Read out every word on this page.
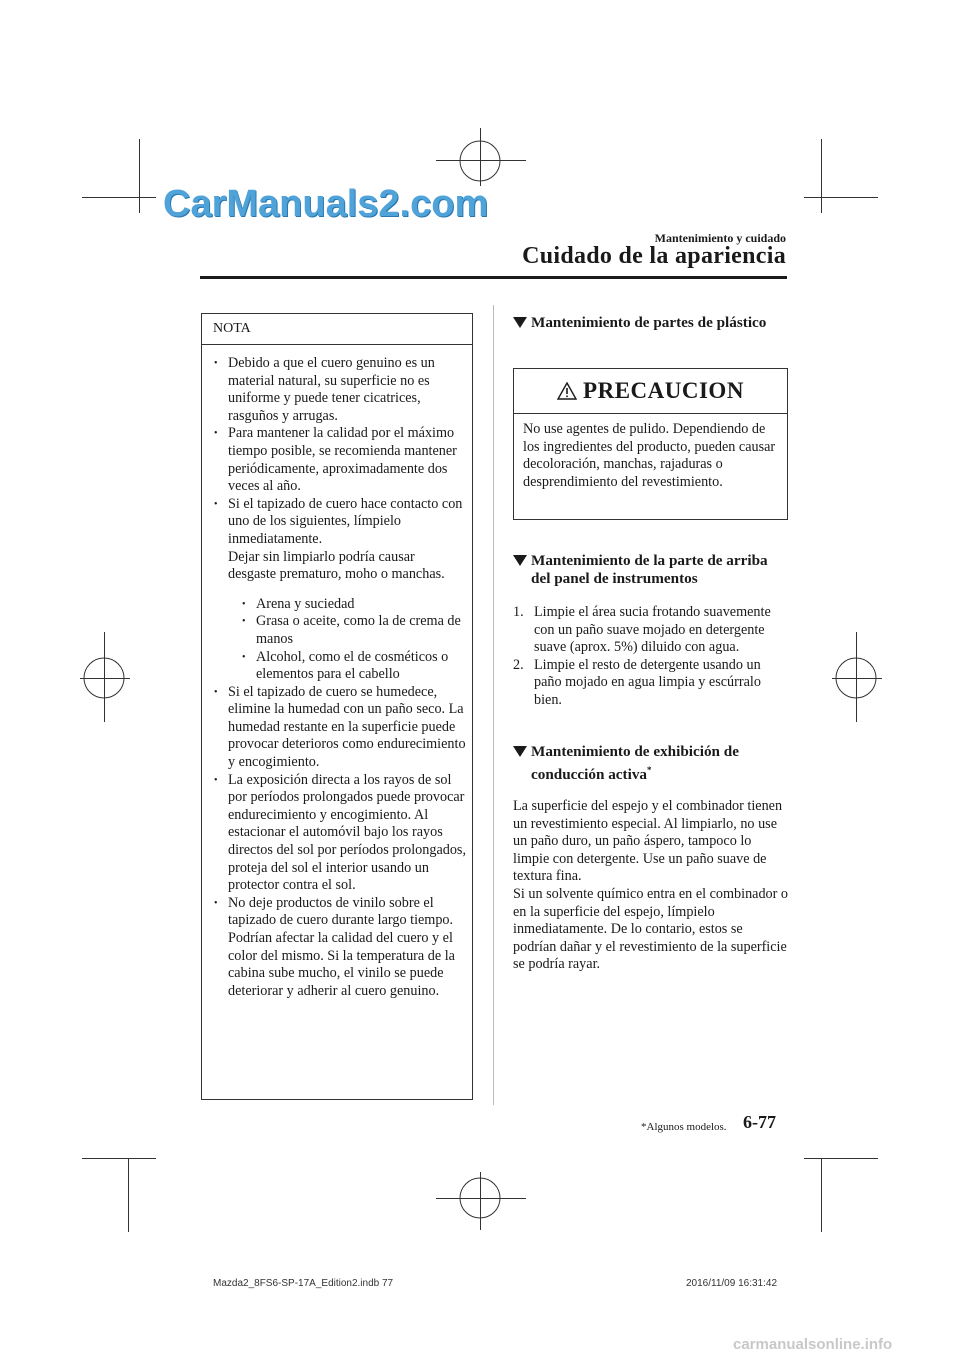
CarManuals2.com
Mantenimiento y cuidado
Cuidado de la apariencia
NOTA
• Debido a que el cuero genuino es un material natural, su superficie no es uniforme y puede tener cicatrices, rasguños y arrugas.
• Para mantener la calidad por el máximo tiempo posible, se recomienda mantener periódicamente, aproximadamente dos veces al año.
• Si el tapizado de cuero hace contacto con uno de los siguientes, límpielo inmediatamente.
Dejar sin limpiarlo podría causar desgaste prematuro, moho o manchas.
• Arena y suciedad
• Grasa o aceite, como la de crema de manos
• Alcohol, como el de cosméticos o elementos para el cabello
• Si el tapizado de cuero se humedece, elimine la humedad con un paño seco. La humedad restante en la superficie puede provocar deterioros como endurecimiento y encogimiento.
• La exposición directa a los rayos de sol por períodos prolongados puede provocar endurecimiento y encogimiento. Al estacionar el automóvil bajo los rayos directos del sol por períodos prolongados, proteja del sol el interior usando un protector contra el sol.
• No deje productos de vinilo sobre el tapizado de cuero durante largo tiempo. Podrían afectar la calidad del cuero y el color del mismo. Si la temperatura de la cabina sube mucho, el vinilo se puede deteriorar y adherir al cuero genuino.
Mantenimiento de partes de plástico
PRECAUCION
No use agentes de pulido. Dependiendo de los ingredientes del producto, pueden causar decoloración, manchas, rajaduras o desprendimiento del revestimiento.
Mantenimiento de la parte de arriba del panel de instrumentos
1. Limpie el área sucia frotando suavemente con un paño suave mojado en detergente suave (aprox. 5%) diluido con agua.
2. Limpie el resto de detergente usando un paño mojado en agua limpia y escúrralo bien.
Mantenimiento de exhibición de conducción activa*
La superficie del espejo y el combinador tienen un revestimiento especial. Al limpiarlo, no use un paño duro, un paño áspero, tampoco lo limpie con detergente. Use un paño suave de textura fina.
Si un solvente químico entra en el combinador o en la superficie del espejo, límpielo inmediatamente. De lo contario, estos se podrían dañar y el revestimiento de la superficie se podría rayar.
*Algunos modelos. 6-77
Mazda2_8FS6-SP-17A_Edition2.indb 77	2016/11/09 16:31:42
carmanualsonline.info
